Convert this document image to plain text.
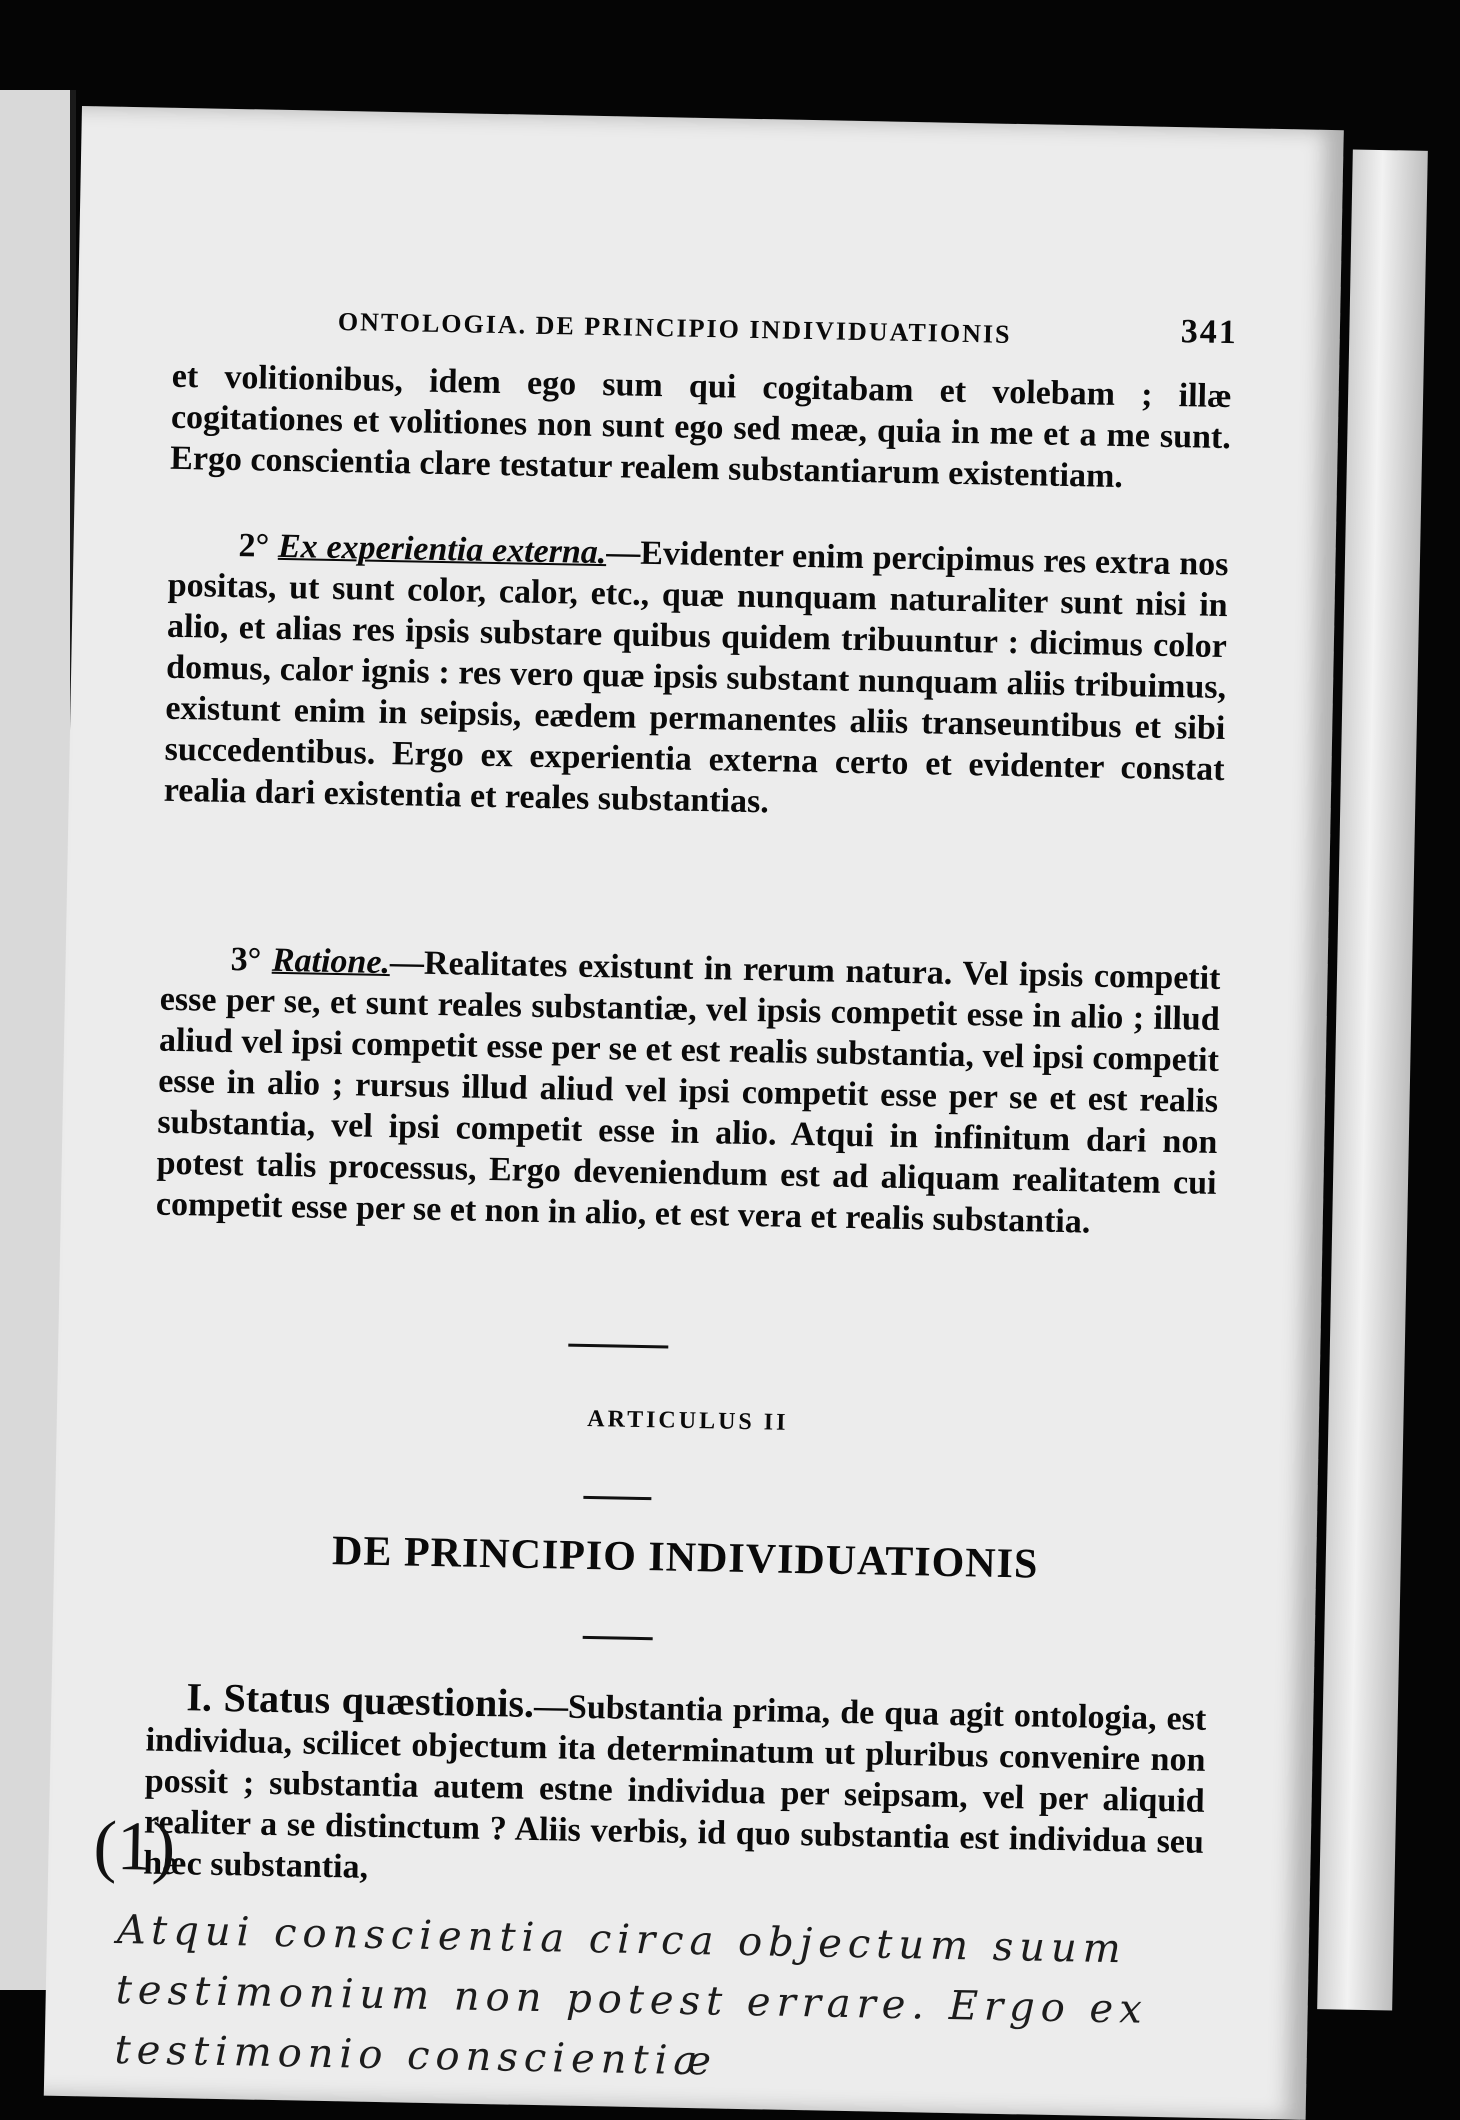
ONTOLOGIA. DE PRINCIPIO INDIVIDUATIONIS	341

et volitionibus, idem ego sum qui cogitabam et volebam ; illæ cogitationes et volitiones non sunt ego sed meæ, quia in me et a me sunt. Ergo conscientia clare testatur realem substantiarum existentiam.

2° Ex experientia externa.—Evidenter enim percipimus res extra nos positas, ut sunt color, calor, etc., quæ nunquam naturaliter sunt nisi in alio, et alias res ipsis substare quibus quidem tribuuntur : dicimus color domus, calor ignis : res vero quæ ipsis substant nunquam aliis tribuimus, existunt enim in seipsis, eædem permanentes aliis transeuntibus et sibi succedentibus. Ergo ex experientia externa certo et evidenter constat realia dari existentia et reales substantias.

3° Ratione.—Realitates existunt in rerum natura. Vel ipsis competit esse per se, et sunt reales substantiæ, vel ipsis competit esse in alio ; illud aliud vel ipsi competit esse per se et est realis substantia, vel ipsi competit esse in alio ; rursus illud aliud vel ipsi competit esse per se et est realis substantia, vel ipsi competit esse in alio. Atqui in infinitum dari non potest talis processus, Ergo deveniendum est ad aliquam realitatem cui competit esse per se et non in alio, et est vera et realis substantia.

ARTICULUS II
DE PRINCIPIO INDIVIDUATIONIS

I. Status quæstionis.—Substantia prima, de qua agit ontologia, est individua, scilicet objectum ita determinatum ut pluribus convenire non possit ; substantia autem estne individua per seipsam, vel per aliquid realiter a se distinctum ? Aliis verbis, id quo substantia est individua seu hæc substantia,

(1)
Atqui conscientia circa objectum suum
testimonium non potest errare. Ergo ex
testimonio conscientiæ
